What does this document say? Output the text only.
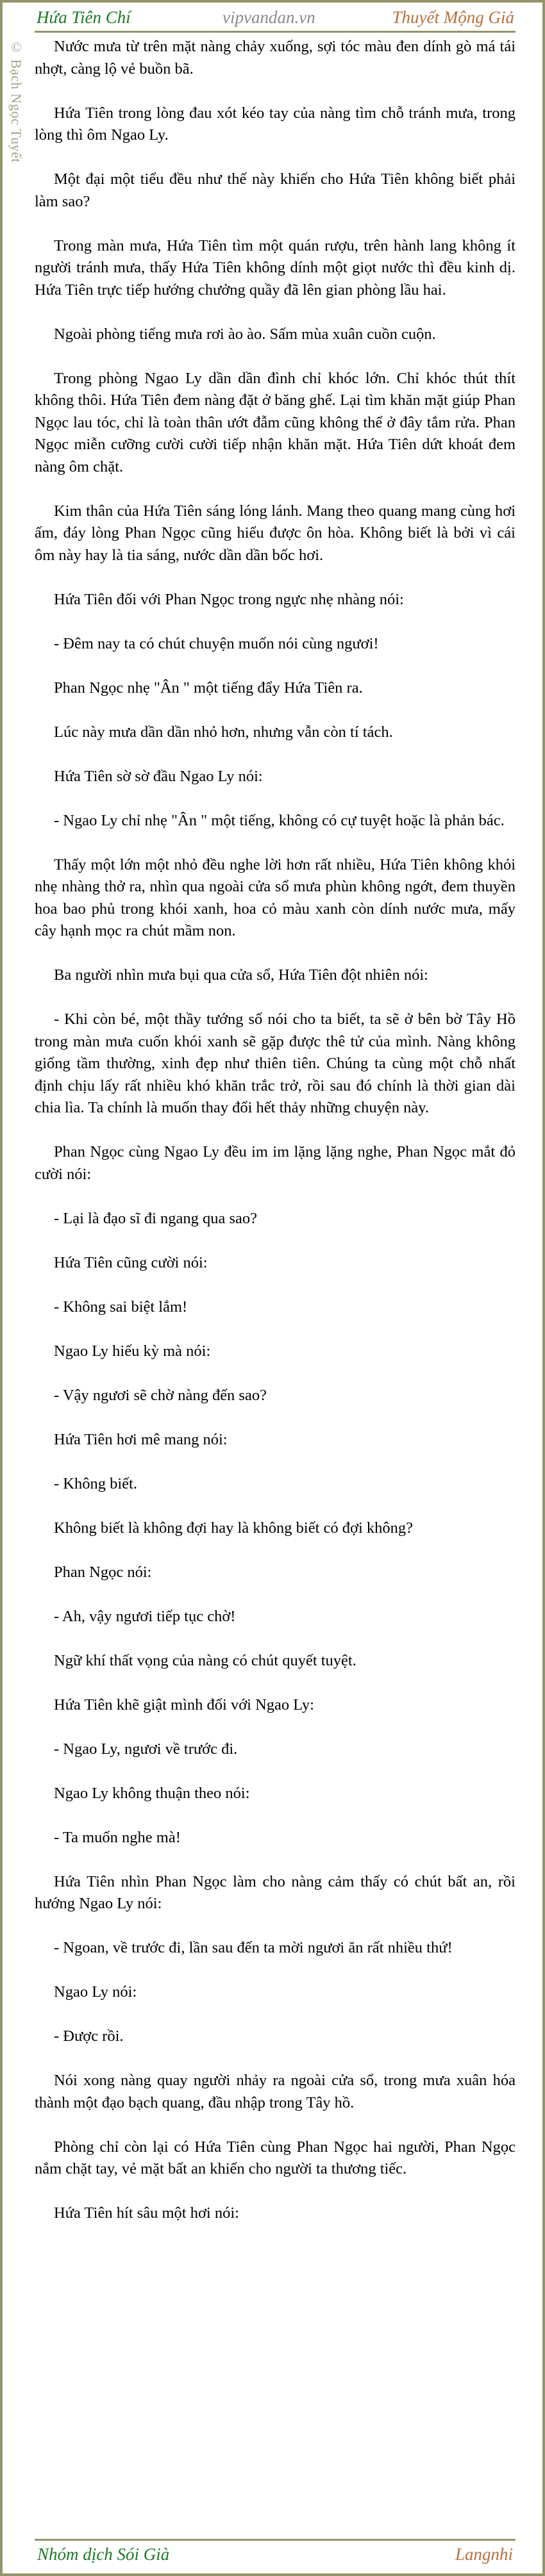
Hứa Tiên Chí	vipvandan.vn	Thuyết Mộng Giả
© Bạch Ngọc Tuyết	Nước mưa từ trên mặt nàng chảy xuống, sợi tóc màu đen dính gò má tái nhợt, càng lộ vẻ buồn bã.

Hứa Tiên trong lòng đau xót kéo tay của nàng tìm chỗ tránh mưa, trong lòng thì ôm Ngao Ly.

Một đại một tiểu đều như thế này khiến cho Hứa Tiên không biết phải làm sao?

Trong màn mưa, Hứa Tiên tìm một quán rượu, trên hành lang không ít người tránh mưa, thấy Hứa Tiên không dính một giọt nước thì đều kinh dị. Hứa Tiên trực tiếp hướng chưởng quầy đã lên gian phòng lầu hai.

Ngoài phòng tiếng mưa rơi ào ào. Sấm mùa xuân cuồn cuộn.

Trong phòng Ngao Ly dần dần đình chỉ khóc lớn. Chỉ khóc thút thít không thôi. Hứa Tiên đem nàng đặt ở băng ghế. Lại tìm khăn mặt giúp Phan Ngọc lau tóc, chỉ là toàn thân ướt đẫm cũng không thể ở đây tắm rửa. Phan Ngọc miễn cưỡng cười cười tiếp nhận khăn mặt. Hứa Tiên dứt khoát đem nàng ôm chặt.

Kim thân của Hứa Tiên sáng lóng lánh. Mang theo quang mang cùng hơi ấm, đáy lòng Phan Ngọc cũng hiểu được ôn hòa. Không biết là bởi vì cái ôm này hay là tia sáng, nước dần dần bốc hơi.

Hứa Tiên đối với Phan Ngọc trong ngực nhẹ nhàng nói:

- Đêm nay ta có chút chuyện muốn nói cùng ngươi!

Phan Ngọc nhẹ "Ân " một tiếng đẩy Hứa Tiên ra.

Lúc này mưa dần dần nhỏ hơn, nhưng vẫn còn tí tách.

Hứa Tiên sờ sờ đầu Ngao Ly nói:

- Ngao Ly chỉ nhẹ "Ân " một tiếng, không có cự tuyệt hoặc là phản bác.

Thấy một lớn một nhỏ đều nghe lời hơn rất nhiều, Hứa Tiên không khỏi nhẹ nhàng thở ra, nhìn qua ngoài cửa sổ mưa phùn không ngớt, đem thuyền hoa bao phủ trong khói xanh, hoa cỏ màu xanh còn dính nước mưa, mấy cây hạnh mọc ra chút mầm non.

Ba người nhìn mưa bụi qua cửa sổ, Hứa Tiên đột nhiên nói:

- Khi còn bé, một thầy tướng số nói cho ta biết, ta sẽ ở bên bờ Tây Hồ trong màn mưa cuốn khói xanh sẽ gặp được thê tử của mình. Nàng không giống tầm thường, xinh đẹp như thiên tiên. Chúng ta cùng một chỗ nhất định chịu lấy rất nhiều khó khăn trắc trở, rồi sau đó chính là thời gian dài chia lìa. Ta chính là muốn thay đổi hết thảy những chuyện này.

Phan Ngọc cùng Ngao Ly đều im im lặng lặng nghe, Phan Ngọc mắt đỏ cười nói:

- Lại là đạo sĩ đi ngang qua sao?

Hứa Tiên cũng cười nói:

- Không sai biệt lắm!

Ngao Ly hiếu kỳ mà nói:

- Vậy ngươi sẽ chờ nàng đến sao?

Hứa Tiên hơi mê mang nói:

- Không biết.

Không biết là không đợi hay là không biết có đợi không?

Phan Ngọc nói:

- Ah, vậy ngươi tiếp tục chờ!

Ngữ khí thất vọng của nàng có chút quyết tuyệt.

Hứa Tiên khẽ giật mình đối với Ngao Ly:

- Ngao Ly, ngươi về trước đi.

Ngao Ly không thuận theo nói:

- Ta muốn nghe mà!

Hứa Tiên nhìn Phan Ngọc làm cho nàng cảm thấy có chút bất an, rồi hướng Ngao Ly nói:

- Ngoan, về trước đi, lần sau đến ta mời ngươi ăn rất nhiều thứ!

Ngao Ly nói:

- Được rồi.

Nói xong nàng quay người nhảy ra ngoài cửa sổ, trong mưa xuân hóa thành một đạo bạch quang, đầu nhập trong Tây hồ.

Phòng chỉ còn lại có Hứa Tiên cùng Phan Ngọc hai người, Phan Ngọc nắm chặt tay, vẻ mặt bất an khiến cho người ta thương tiếc.

Hứa Tiên hít sâu một hơi nói:

Nhóm dịch Sói Già	Langnhi
